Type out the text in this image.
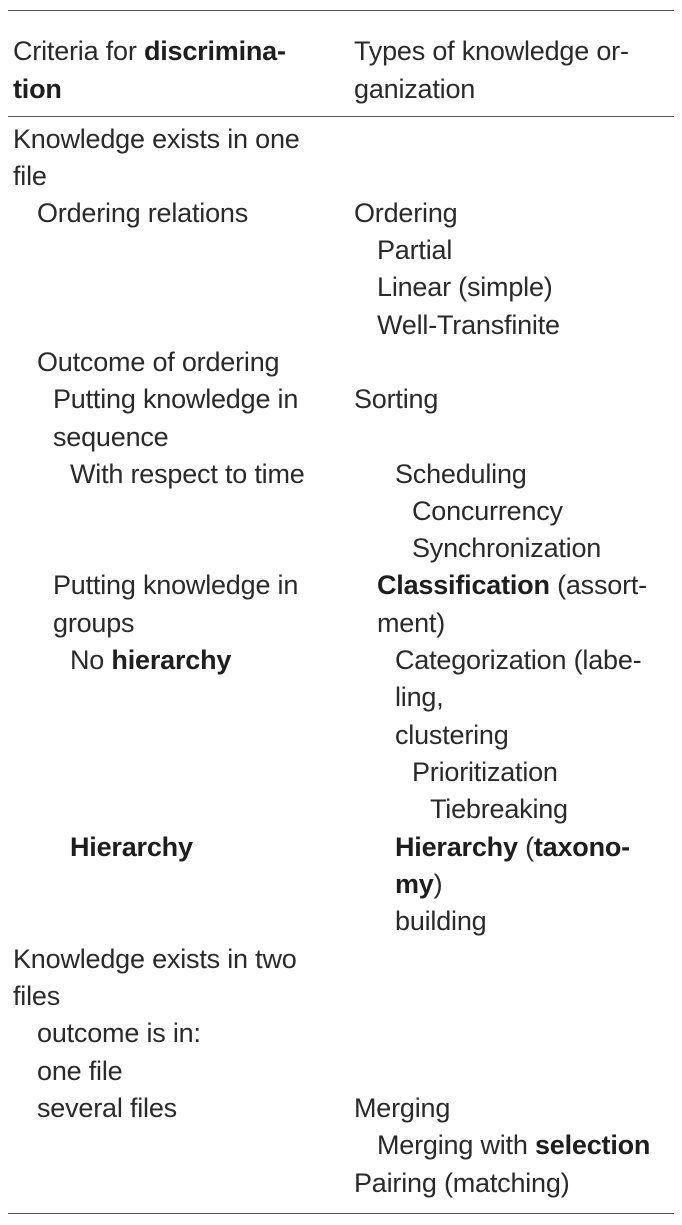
Criteria for discrimina-
tion
Types of knowledge or-
ganization
Knowledge exists in one
file
Ordering relations
Outcome of ordering
Putting knowledge in
sequence
With respect to time
Putting knowledge in
groups
No hierarchy
Hierarchy
Knowledge exists in two
files
outcome is in:
one file
several files
Ordering
Partial
Linear (simple)
Well-Transfinite
Sorting
Scheduling
Concurrency
Synchronization
Classification (assort-
ment)
Categorization (labe-
ling,
clustering
Prioritization
Tiebreaking
Hierarchy (taxono-
my)
building
Merging
Merging with selection
Pairing (matching)
